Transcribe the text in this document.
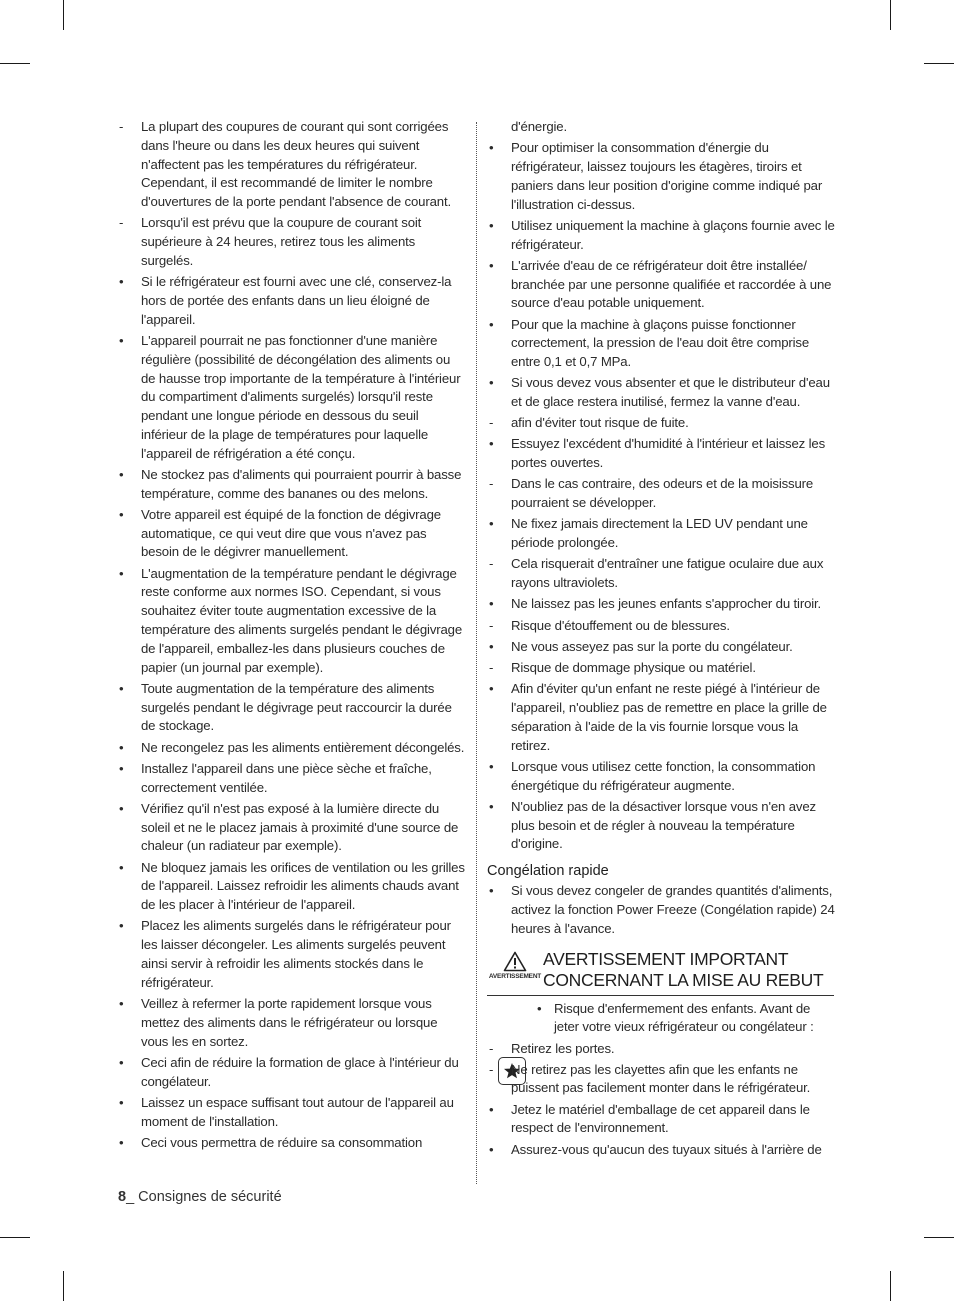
-	La plupart des coupures de courant qui sont corrigées dans l'heure ou dans les deux heures qui suivent n'affectent pas les températures du réfrigérateur. Cependant, il est recommandé de limiter le nombre d'ouvertures de la porte pendant l'absence de courant.
-	Lorsqu'il est prévu que la coupure de courant soit supérieure à 24 heures, retirez tous les aliments surgelés.
•	Si le réfrigérateur est fourni avec une clé, conservez-la hors de portée des enfants dans un lieu éloigné de l'appareil.
•	L'appareil pourrait ne pas fonctionner d'une manière régulière (possibilité de décongélation des aliments ou de hausse trop importante de la température à l'intérieur du compartiment d'aliments surgelés) lorsqu'il reste pendant une longue période en dessous du seuil inférieur de la plage de températures pour laquelle l'appareil de réfrigération a été conçu.
•	Ne stockez pas d'aliments qui pourraient pourrir à basse température, comme des bananes ou des melons.
•	Votre appareil est équipé de la fonction de dégivrage automatique, ce qui veut dire que vous n'avez pas besoin de le dégivrer manuellement.
•	L'augmentation de la température pendant le dégivrage reste conforme aux normes ISO. Cependant, si vous souhaitez éviter toute augmentation excessive de la température des aliments surgelés pendant le dégivrage de l'appareil, emballez-les dans plusieurs couches de papier (un journal par exemple).
•	Toute augmentation de la température des aliments surgelés pendant le dégivrage peut raccourcir la durée de stockage.
•	Ne recongelez pas les aliments entièrement décongelés.
•	Installez l'appareil dans une pièce sèche et fraîche, correctement ventilée.
•	Vérifiez qu'il n'est pas exposé à la lumière directe du soleil et ne le placez jamais à proximité d'une source de chaleur (un radiateur par exemple).
•	Ne bloquez jamais les orifices de ventilation ou les grilles de l'appareil. Laissez refroidir les aliments chauds avant de les placer à l'intérieur de l'appareil.
•	Placez les aliments surgelés dans le réfrigérateur pour les laisser décongeler. Les aliments surgelés peuvent ainsi servir à refroidir les aliments stockés dans le réfrigérateur.
•	Veillez à refermer la porte rapidement lorsque vous mettez des aliments dans le réfrigérateur ou lorsque vous les en sortez.
•	Ceci afin de réduire la formation de glace à l'intérieur du congélateur.
•	Laissez un espace suffisant tout autour de l'appareil au moment de l'installation.
•	Ceci vous permettra de réduire sa consommation
d'énergie.
•	Pour optimiser la consommation d'énergie du réfrigérateur, laissez toujours les étagères, tiroirs et paniers dans leur position d'origine comme indiqué par l'illustration ci-dessus.
•	Utilisez uniquement la machine à glaçons fournie avec le réfrigérateur.
•	L'arrivée d'eau de ce réfrigérateur doit être installée/ branchée par une personne qualifiée et raccordée à une source d'eau potable uniquement.
•	Pour que la machine à glaçons puisse fonctionner correctement, la pression de l'eau doit être comprise entre 0,1 et 0,7 MPa.
•	Si vous devez vous absenter et que le distributeur d'eau et de glace restera inutilisé, fermez la vanne d'eau.
-	afin d'éviter tout risque de fuite.
•	Essuyez l'excédent d'humidité à l'intérieur et laissez les portes ouvertes.
-	Dans le cas contraire, des odeurs et de la moisissure pourraient se développer.
•	Ne fixez jamais directement la LED UV pendant une période prolongée.
-	Cela risquerait d'entraîner une fatigue oculaire due aux rayons ultraviolets.
•	Ne laissez pas les jeunes enfants s'approcher du tiroir.
-	Risque d'étouffement ou de blessures.
•	Ne vous asseyez pas sur la porte du congélateur.
-	Risque de dommage physique ou matériel.
•	Afin d'éviter qu'un enfant ne reste piégé à l'intérieur de l'appareil, n'oubliez pas de remettre en place la grille de séparation à l'aide de la vis fournie lorsque vous la retirez.
•	Lorsque vous utilisez cette fonction, la consommation énergétique du réfrigérateur augmente.
•	N'oubliez pas de la désactiver lorsque vous n'en avez plus besoin et de régler à nouveau la température d'origine.
Congélation rapide
•	Si vous devez congeler de grandes quantités d'aliments, activez la fonction Power Freeze (Congélation rapide) 24 heures à l'avance.
AVERTISSEMENT
AVERTISSEMENT IMPORTANT CONCERNANT LA MISE AU REBUT
• Risque d'enfermement des enfants. Avant de jeter votre vieux réfrigérateur ou congélateur :
-	Retirez les portes.
-	Ne retirez pas les clayettes afin que les enfants ne puissent pas facilement monter dans le réfrigérateur.
•	Jetez le matériel d'emballage de cet appareil dans le respect de l'environnement.
•	Assurez-vous qu'aucun des tuyaux situés à l'arrière de
8_ Consignes de sécurité
